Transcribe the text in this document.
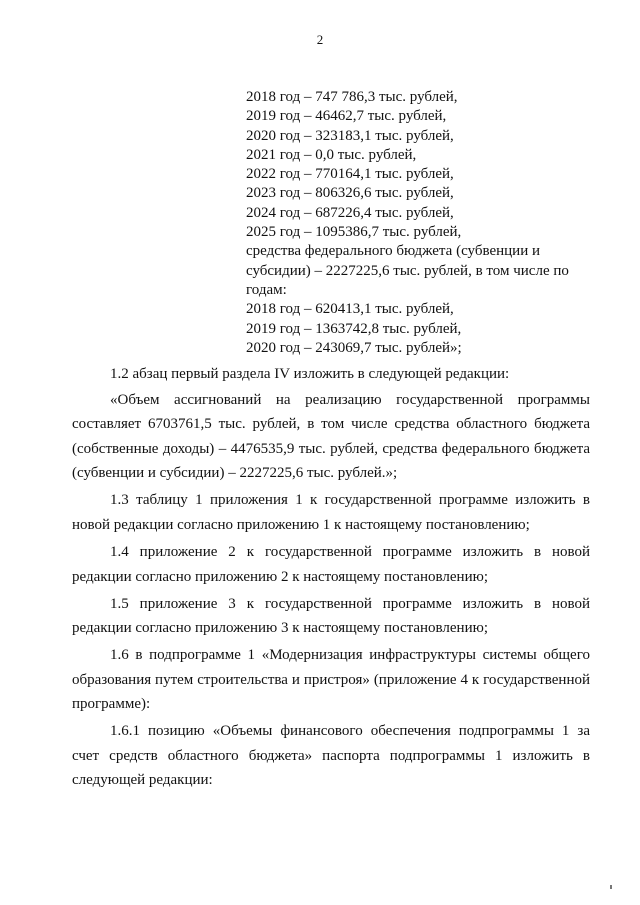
2
2018 год – 747 786,3 тыс. рублей,
2019 год – 46462,7 тыс. рублей,
2020 год – 323183,1 тыс. рублей,
2021 год – 0,0 тыс. рублей,
2022 год – 770164,1 тыс. рублей,
2023 год – 806326,6 тыс. рублей,
2024 год – 687226,4 тыс. рублей,
2025 год – 1095386,7 тыс. рублей,
средства федерального бюджета (субвенции и субсидии) – 2227225,6 тыс. рублей, в том числе по годам:
2018 год – 620413,1 тыс. рублей,
2019 год – 1363742,8 тыс. рублей,
2020 год – 243069,7 тыс. рублей»;

1.2 абзац первый раздела IV изложить в следующей редакции:

«Объем ассигнований на реализацию государственной программы составляет 6703761,5 тыс. рублей, в том числе средства областного бюджета (собственные доходы) – 4476535,9 тыс. рублей, средства федерального бюджета (субвенции и субсидии) – 2227225,6 тыс. рублей.»;

1.3 таблицу 1 приложения 1 к государственной программе изложить в новой редакции согласно приложению 1 к настоящему постановлению;

1.4 приложение 2 к государственной программе изложить в новой редакции согласно приложению 2 к настоящему постановлению;

1.5 приложение 3 к государственной программе изложить в новой редакции согласно приложению 3 к настоящему постановлению;

1.6 в подпрограмме 1 «Модернизация инфраструктуры системы общего образования путем строительства и пристроя» (приложение 4 к государственной программе):

1.6.1 позицию «Объемы финансового обеспечения подпрограммы 1 за счет средств областного бюджета» паспорта подпрограммы 1 изложить в следующей редакции:
